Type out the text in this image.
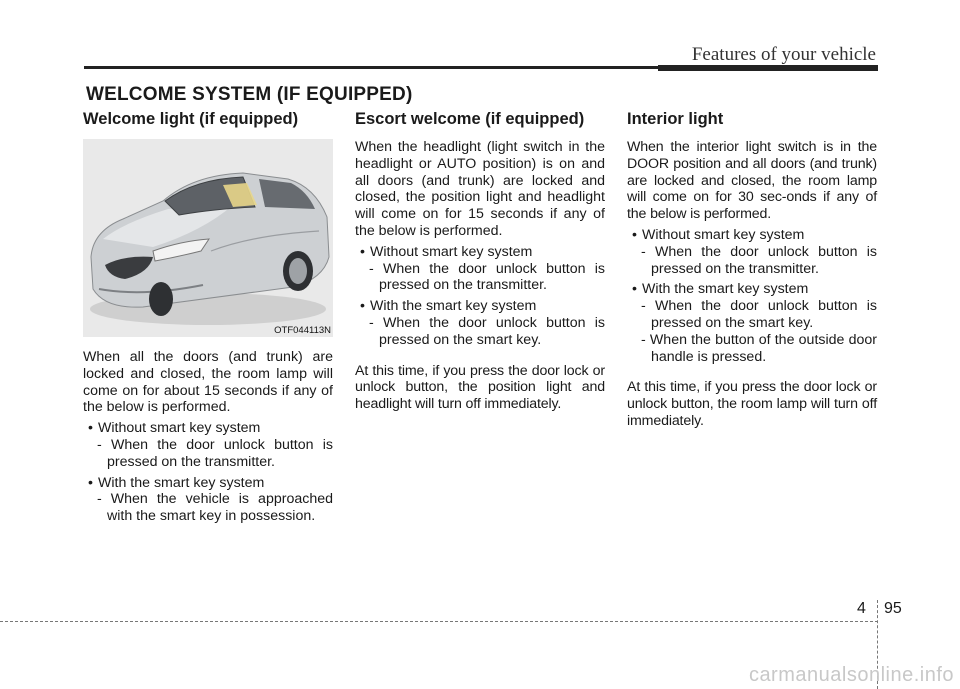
Features of your vehicle
WELCOME SYSTEM (IF EQUIPPED)
Welcome light (if equipped)
OTF044113N

When all the doors (and trunk) are locked and closed, the room lamp will come on for about 15 seconds if any of the below is performed.

• Without smart key system

- When the door unlock button is pressed on the transmitter.

• With the smart key system

- When the vehicle is approached with the smart key in possession.

Escort welcome (if equipped)

When the headlight (light switch in the headlight or AUTO position) is on and all doors (and trunk) are locked and closed, the position light and headlight will come on for 15 seconds if any of the below is performed.

• Without smart key system

- When the door unlock button is pressed on the transmitter.

• With the smart key system

- When the door unlock button is pressed on the smart key.

At this time, if you press the door lock or unlock button, the position light and headlight will turn off immediately.

Interior light

When the interior light switch is in the DOOR position and all doors (and trunk) are locked and closed, the room lamp will come on for 30 sec-onds if any of the below is performed.

• Without smart key system

- When the door unlock button is pressed on the transmitter.

• With the smart key system

- When the door unlock button is pressed on the smart key.

- When the button of the outside door handle is pressed.

At this time, if you press the door lock or unlock button, the room lamp will turn off immediately.

4 95
carmanualsonline.info
